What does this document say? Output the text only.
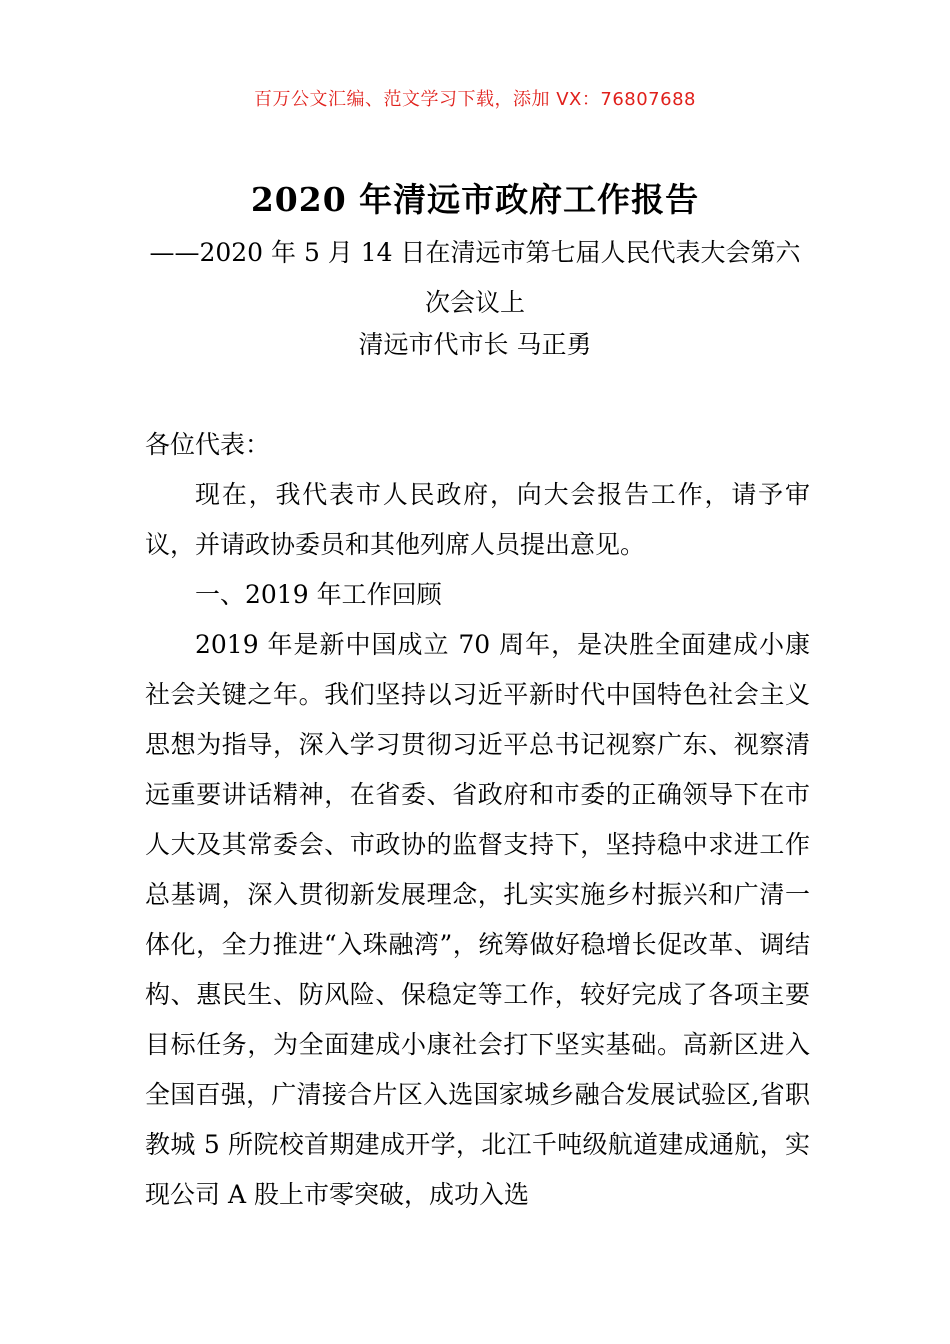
百万公文汇编、范文学习下载，添加 VX：76807688
2020 年清远市政府工作报告
——2020 年 5 月 14 日在清远市第七届人民代表大会第六次会议上
清远市代市长 马正勇

各位代表：

现在，我代表市人民政府，向大会报告工作，请予审议，并请政协委员和其他列席人员提出意见。

一、2019 年工作回顾

2019 年是新中国成立 70 周年，是决胜全面建成小康社会关键之年。我们坚持以习近平新时代中国特色社会主义思想为指导，深入学习贯彻习近平总书记视察广东、视察清远重要讲话精神，在省委、省政府和市委的正确领导下在市人大及其常委会、市政协的监督支持下，坚持稳中求进工作总基调，深入贯彻新发展理念，扎实实施乡村振兴和广清一体化，全力推进“入珠融湾”，统筹做好稳增长促改革、调结构、惠民生、防风险、保稳定等工作，较好完成了各项主要目标任务，为全面建成小康社会打下坚实基础。高新区进入全国百强，广清接合片区入选国家城乡融合发展试验区,省职教城 5 所院校首期建成开学，北江千吨级航道建成通航，实现公司 A 股上市零突破，成功入选
